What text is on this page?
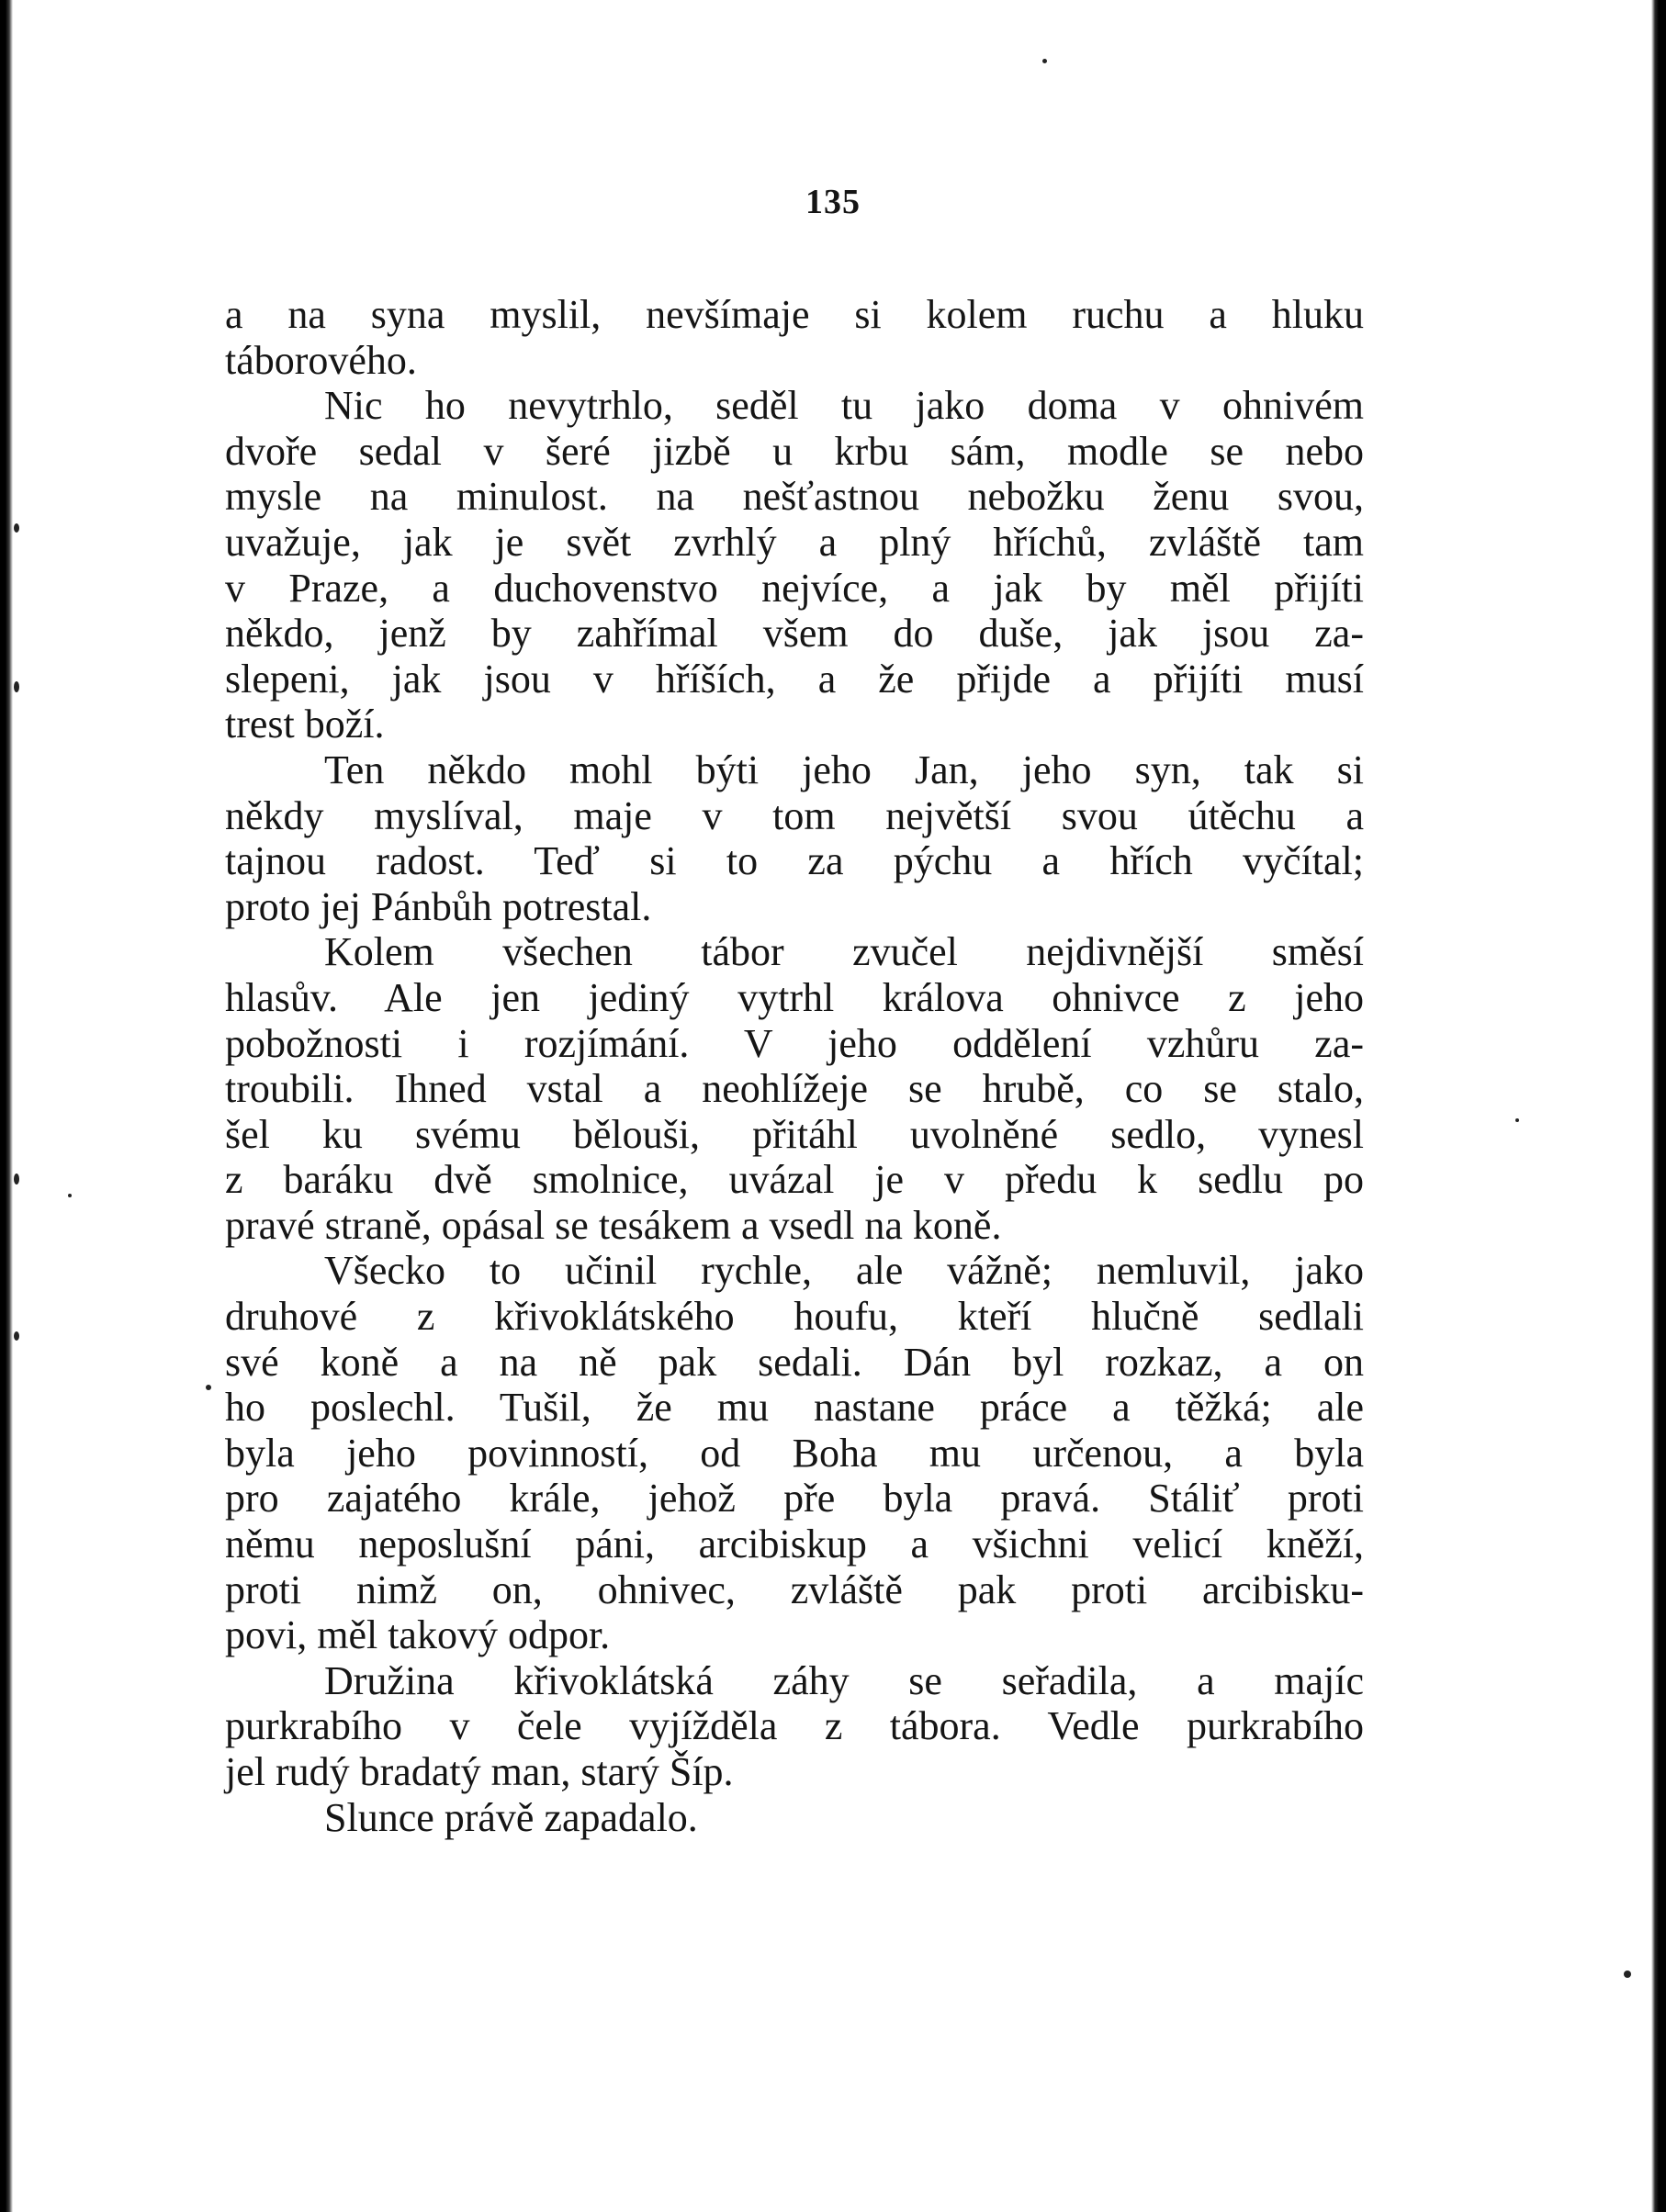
135

a na syna myslil, nevšímaje si kolem ruchu a hluku
táborového.

Nic ho nevytrhlo, seděl tu jako doma v ohnivém
dvoře sedal v šeré jizbě u krbu sám, modle se nebo
mysle na minulost. na nešťastnou nebožku ženu svou,
uvažuje, jak je svět zvrhlý a plný hříchů, zvláště tam
v Praze, a duchovenstvo nejvíce, a jak by měl přijíti
někdo, jenž by zahřímal všem do duše, jak jsou za-
slepeni, jak jsou v hříších, a že přijde a přijíti musí
trest boží.

Ten někdo mohl býti jeho Jan, jeho syn, tak si
někdy myslíval, maje v tom největší svou útěchu a
tajnou radost. Teď si to za pýchu a hřích vyčítal;
proto jej Pánbůh potrestal.

Kolem všechen tábor zvučel nejdivnější směsí
hlasův. Ale jen jediný vytrhl králova ohnivce z jeho
pobožnosti i rozjímání. V jeho oddělení vzhůru za-
troubili. Ihned vstal a neohlížeje se hrubě, co se stalo,
šel ku svému bělouši, přitáhl uvolněné sedlo, vynesl
z baráku dvě smolnice, uvázal je v předu k sedlu po
pravé straně, opásal se tesákem a vsedl na koně.

Všecko to učinil rychle, ale vážně; nemluvil, jako
druhové z křivoklátského houfu, kteří hlučně sedlali
své koně a na ně pak sedali. Dán byl rozkaz, a on
ho poslechl. Tušil, že mu nastane práce a těžká; ale
byla jeho povinností, od Boha mu určenou, a byla
pro zajatého krále, jehož pře byla pravá. Stáliť proti
němu neposlušní páni, arcibiskup a všichni velicí kněží,
proti nimž on, ohnivec, zvláště pak proti arcibisku-
povi, měl takový odpor.

Družina křivoklátská záhy se seřadila, a majíc
purkrabího v čele vyjížděla z tábora. Vedle purkrabího
jel rudý bradatý man, starý Šíp.

Slunce právě zapadalo.
